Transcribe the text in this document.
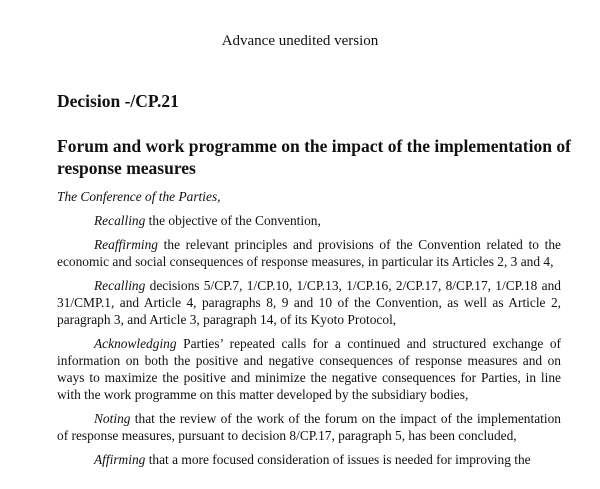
Advance unedited version
Decision -/CP.21
Forum and work programme on the impact of the implementation of response measures

The Conference of the Parties,

Recalling the objective of the Convention,

Reaffirming the relevant principles and provisions of the Convention related to the economic and social consequences of response measures, in particular its Articles 2, 3 and 4,

Recalling decisions 5/CP.7, 1/CP.10, 1/CP.13, 1/CP.16, 2/CP.17, 8/CP.17, 1/CP.18 and 31/CMP.1, and Article 4, paragraphs 8, 9 and 10 of the Convention, as well as Article 2, paragraph 3, and Article 3, paragraph 14, of its Kyoto Protocol,

Acknowledging Parties’ repeated calls for a continued and structured exchange of information on both the positive and negative consequences of response measures and on ways to maximize the positive and minimize the negative consequences for Parties, in line with the work programme on this matter developed by the subsidiary bodies,

Noting that the review of the work of the forum on the impact of the implementation of response measures, pursuant to decision 8/CP.17, paragraph 5, has been concluded,

Affirming that a more focused consideration of issues is needed for improving the
